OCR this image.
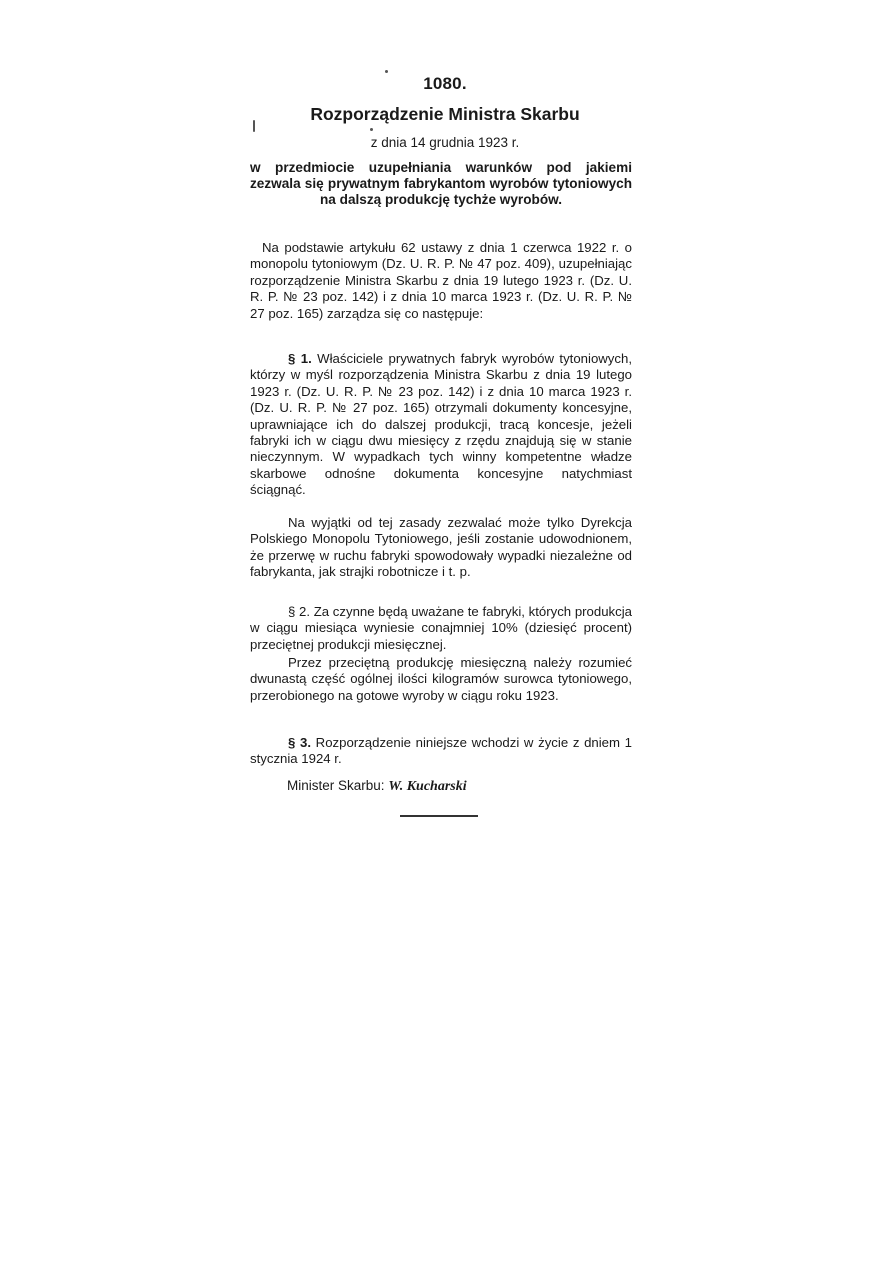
1080.
Rozporządzenie Ministra Skarbu
z dnia 14 grudnia 1923 r.
w przedmiocie uzupełniania warunków pod jakiemi zezwala się prywatnym fabrykantom wyrobów tytoniowych na dalszą produkcję tychże wyrobów.

Na podstawie artykułu 62 ustawy z dnia 1 czerwca 1922 r. o monopolu tytoniowym (Dz. U. R. P. № 47 poz. 409), uzupełniając rozporządzenie Ministra Skarbu z dnia 19 lutego 1923 r. (Dz. U. R. P. № 23 poz. 142) i z dnia 10 marca 1923 r. (Dz. U. R. P. № 27 poz. 165) zarządza się co następuje:

§ 1. Właściciele prywatnych fabryk wyrobów tytoniowych, którzy w myśl rozporządzenia Ministra Skarbu z dnia 19 lutego 1923 r. (Dz. U. R. P. № 23 poz. 142) i z dnia 10 marca 1923 r. (Dz. U. R. P. № 27 poz. 165) otrzymali dokumenty koncesyjne, uprawniające ich do dalszej produkcji, tracą koncesje, jeżeli fabryki ich w ciągu dwu miesięcy z rzędu znajdują się w stanie nieczynnym. W wypadkach tych winny kompetentne władze skarbowe odnośne dokumenta koncesyjne natychmiast ściągnąć.

Na wyjątki od tej zasady zezwalać może tylko Dyrekcja Polskiego Monopolu Tytoniowego, jeśli zostanie udowodnionem, że przerwę w ruchu fabryki spowodowały wypadki niezależne od fabrykanta, jak strajki robotnicze i t. p.

§ 2. Za czynne będą uważane te fabryki, których produkcja w ciągu miesiąca wyniesie conajmniej 10% (dziesięć procent) przeciętnej produkcji miesięcznej.

Przez przeciętną produkcję miesięczną należy rozumieć dwunastą część ogólnej ilości kilogramów surowca tytoniowego, przerobionego na gotowe wyroby w ciągu roku 1923.

§ 3. Rozporządzenie niniejsze wchodzi w życie z dniem 1 stycznia 1924 r.

Minister Skarbu: W. Kucharski
